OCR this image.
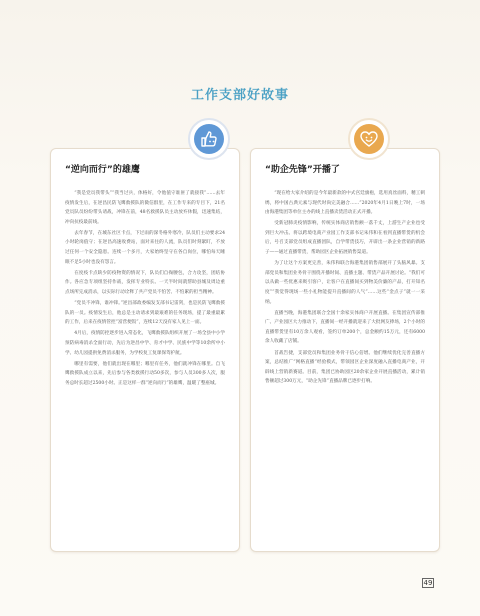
工作支部好故事
“逆向而行”的雄鹰

“我是党员我带头”“我当过兵，体格好，令他值守谁匪了就接我”……去年疫情发生后，在逆昌民防飞鹰救援队的微信群里，在工作专来的专目下，21名党员队员纷纷带头请战，冲锋在前，48名救援队员主动放弃休假，迅速集结，冲向抗疫最前线。

去年春节，在城东社区卡点，下过雨的深冬格外寒冷，队员们主动要求24小时轮岗值守；在逆昌高速收费站，面对来往的人流，队员们时刻紧盯，不放过任何一个安全隐患。连续一个多月，大家始终坚守在各自岗位，哪怕每天睡眠不足5小时也没有怨言。

在度疫卡点缺少防疫物资的情况下，队员们自掏腰包，合力攻坚，团结协作。各应急专项组坚持作战，发挥专业特长。一天半时间就帮助县城及周边重点场所完成消杀，以实际行动诠释了共产党员不怕苦、不怕累的担当精神。

“党员不冲锋，谁冲锋。”逆昌部政委编发支部书记雷剑，也是民防飞鹰救援队的一员。疫情发生后，他总是主动请求到最艰难的任务现场，提了最重最累的工作，后来在疫情管控“富营便饭”，连续12天没有家人见上一面。

4月后，疫情防控逐步进入常态化，飞鹰救援队组织开展了一场全县中小学预防病毒消杀全面行动，先后为逆昌中学、育才中学、民族中学等10余所中小学、幼儿园提供免费消杀服务，为学校复工复课保驾护航。

哪里有需要，他们就出现在哪里；哪里有任务，他们就冲锋在哪里。自飞鹰救援队成立以来，先后参与各类救援行动50多次，参与人员300多人次，服务总时长超过2500小时。正是这样一群“逆向而行”的雄鹰，温暖了整座城。

“助企先锋”开播了

“现在给大家介绍的是今年最新款的中式宫廷旗袍，选用真丝面料，精工刺绣，将中国古典元素与现代时尚完美融合……”2020年4月1日晚上7时，一场由海港集团等单位主办的线上直播卖货活动正式开播。

受新冠肺炎疫情影响，传统实体商店销售额一落千丈，上游生产企业也受到巨大冲击。将以跨境电商产业园工作支部书记朱伟和在看到直播带货的机会后，号召支部党员组成直播团队，自学带货技巧，开辟出一条企业营销的新路子——通过直播带货，帮助园区企业拓展销售渠道。

为了让这个方案更完善，朱伟和联合海港集团销售部展开了头脑风暴。支部党员和集团业务骨干围绕开播时间、直播主题、带货产品开展讨论。“我们可以从做一些优惠来吸引客户，让客户在直播间买到物美价廉的产品，打开知名度”“我觉得现场一些小礼物能提升直播间的人气”……这些“金点子”就一一采纳。

直播当晚，海港集团联合全国十余家实体商户开展直播。在集团宣传部推广、产业园区大力推动下，直播间一经开播就迎来了大批网友捧场，2个小时的直播带货里有10万余人观看，签约订单200个，总金额约15万元，还有6000余人收藏了店铺。

首战告捷，支部党员和集团业务骨干信心倍增。他们继续优化完善直播方案，总结推广“网格直播”经验模式，带领园区企业深度融入直播电商产业，开辟线上营销新赛道。目前，集团已协助园区20余家企业开展直播活动，累计销售额超过300万元，“助企先锋”直播品牌已逐步打响。

49
